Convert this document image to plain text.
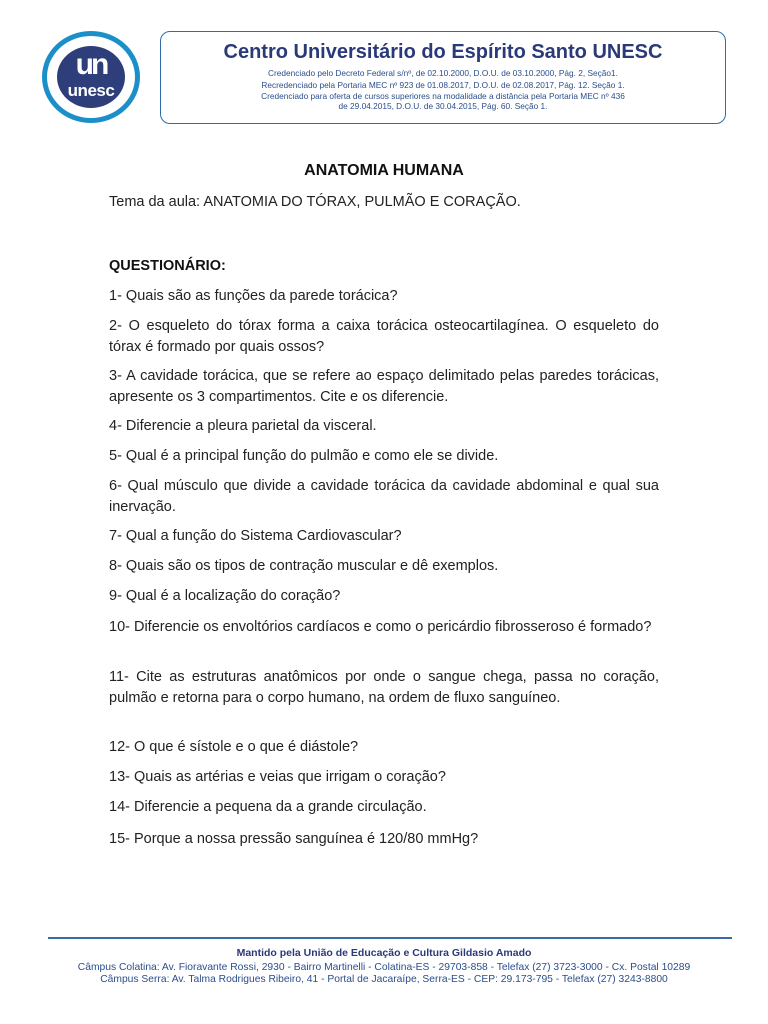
un
unesc
Centro Universitário do Espírito Santo UNESC
Credenciado pelo Decreto Federal s/nº, de 02.10.2000, D.O.U. de 03.10.2000, Pág. 2, Seção1.
Recredenciado pela Portaria MEC nº 923 de 01.08.2017, D.O.U. de 02.08.2017, Pág. 12. Seção 1.
Credenciado para oferta de cursos superiores na modalidade a distância pela Portaria MEC nº 436
de 29.04.2015, D.O.U. de 30.04.2015, Pág. 60. Seção 1.
ANATOMIA HUMANA
Tema da aula: ANATOMIA DO TÓRAX, PULMÃO E CORAÇÃO.
QUESTIONÁRIO:
1- Quais são as funções da parede torácica?
2- O esqueleto do tórax forma a caixa torácica osteocartilagínea. O esqueleto do tórax é formado por quais ossos?
3- A cavidade torácica, que se refere ao espaço delimitado pelas paredes torácicas, apresente os 3 compartimentos. Cite e os diferencie.
4- Diferencie a pleura parietal da visceral.
5- Qual é a principal função do pulmão e como ele se divide.
6- Qual músculo que divide a cavidade torácica da cavidade abdominal e qual sua inervação.
7- Qual a função do Sistema Cardiovascular?
8- Quais são os tipos de contração muscular e dê exemplos.
9- Qual é a localização do coração?
10- Diferencie os envoltórios cardíacos e como o pericárdio fibrosseroso é formado?
11- Cite as estruturas anatômicos por onde o sangue chega, passa no coração, pulmão e retorna para o corpo humano, na ordem de fluxo sanguíneo.
12- O que é sístole e o que é diástole?
13- Quais as artérias e veias que irrigam o coração?
14- Diferencie a pequena da a grande circulação.
15- Porque a nossa pressão sanguínea é 120/80 mmHg?
Mantido pela União de Educação e Cultura Gildasio Amado
Câmpus Colatina: Av. Fioravante Rossi, 2930 - Bairro Martinelli - Colatina-ES - 29703-858 - Telefax (27) 3723-3000 - Cx. Postal 10289
Câmpus Serra: Av. Talma Rodrigues Ribeiro, 41 - Portal de Jacaraípe, Serra-ES - CEP: 29.173-795 - Telefax (27) 3243-8800
